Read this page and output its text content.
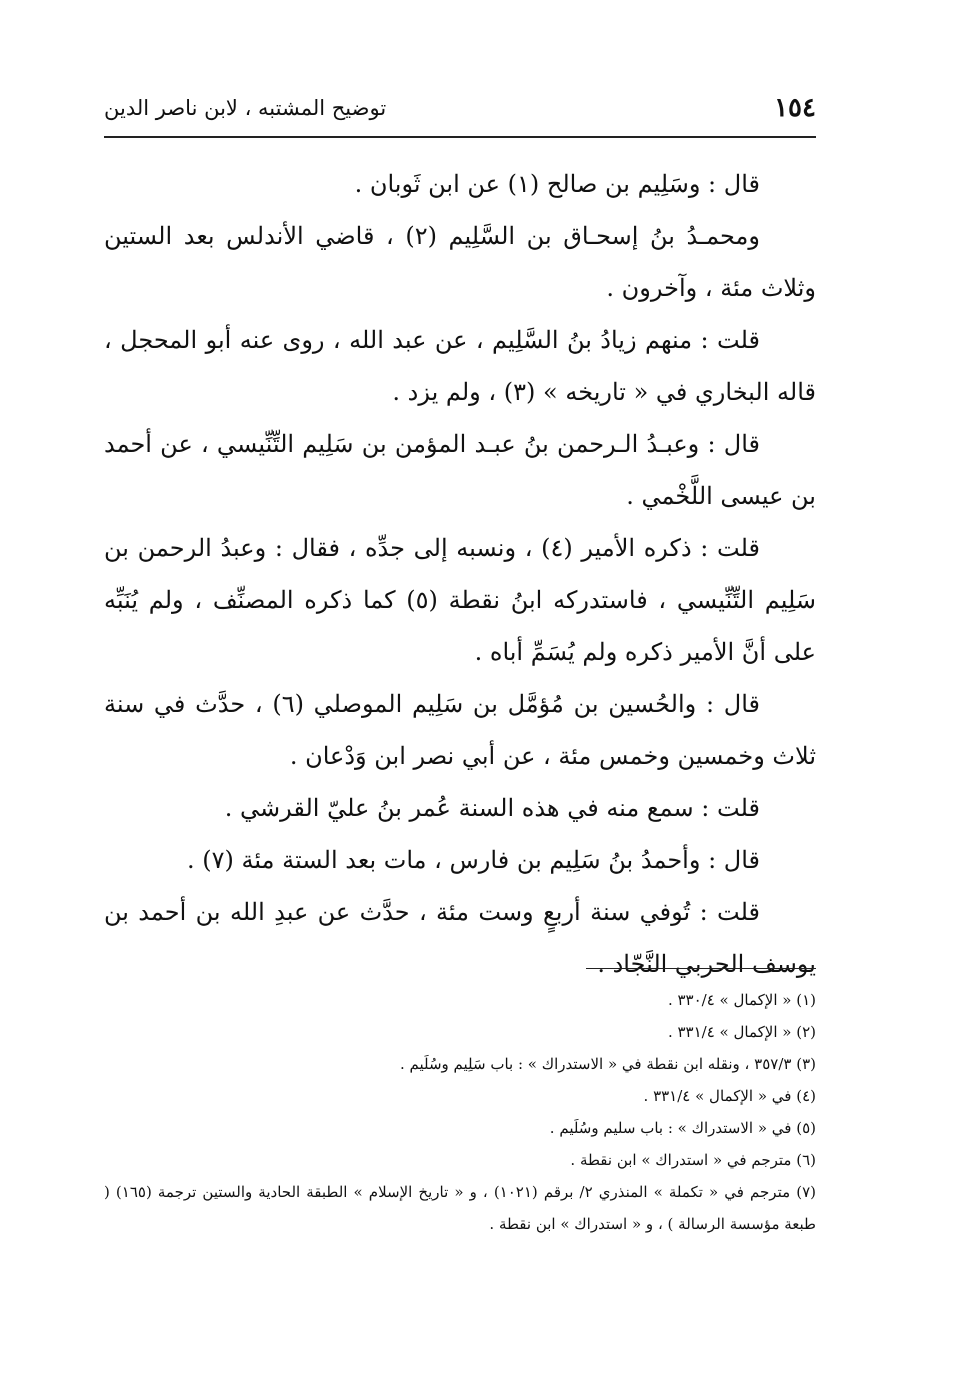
١٥٤
توضيح المشتبه ، لابن ناصر الدين

قال : وسَلِيم بن صالح (١) عن ابن ثَوبان .

ومحمـدُ بنُ إسحـاق بن السَّلِيم (٢) ، قاضي الأندلس بعد الستين وثلاث مئة ، وآخرون .

قلت : منهم زيادُ بنُ السَّلِيم ، عن عبد الله ، روى عنه أبو المحجل ، قاله البخاري في « تاريخه » (٣) ، ولم يزد .

قال : وعبـدُ الـرحمن بنُ عبـد المؤمن بن سَلِيم التِّنِّيسي ، عن أحمد بن عيسى اللَّخْمي .

قلت : ذكره الأمير (٤) ، ونسبه إلى جدِّه ، فقال : وعبدُ الرحمن بن سَلِيم التِّنِّيسي ، فاستدركه ابنُ نقطة (٥) كما ذكره المصنِّف ، ولم يُنَبِّه على أنَّ الأمير ذكره ولم يُسَمِّ أباه .

قال : والحُسين بن مُؤمَّل بن سَلِيم الموصلي (٦) ، حدَّث في سنة ثلاث وخمسين وخمس مئة ، عن أبي نصر ابن وَدْعان .

قلت : سمع منه في هذه السنة عُمر بنُ عليّ القرشي .

قال : وأحمدُ بنُ سَلِيم بن فارس ، مات بعد الستة مئة (٧) .

قلت : تُوفي سنة أربعٍ وست مئة ، حدَّث عن عبدِ الله بن أحمد بن يوسف الحربي النَّجّاد .

(١) « الإكمال » ٣٣٠/٤ .

(٢) « الإكمال » ٣٣١/٤ .

(٣) ٣٥٧/٣ ، ونقله ابن نقطة في « الاستدراك » : باب سَلِيم وسُلَيم .

(٤) في « الإكمال » ٣٣١/٤ .

(٥) في « الاستدراك » : باب سليم وسُلَيم .

(٦) مترجم في « استدراك » ابن نقطة .

(٧) مترجم في « تكملة » المنذري ٢/ برقم (١٠٢١) ، و « تاريخ الإسلام » الطبقة الحادية والستين ترجمة (١٦٥) ( طبعة مؤسسة الرسالة ) ، و « استدراك » ابن نقطة .
